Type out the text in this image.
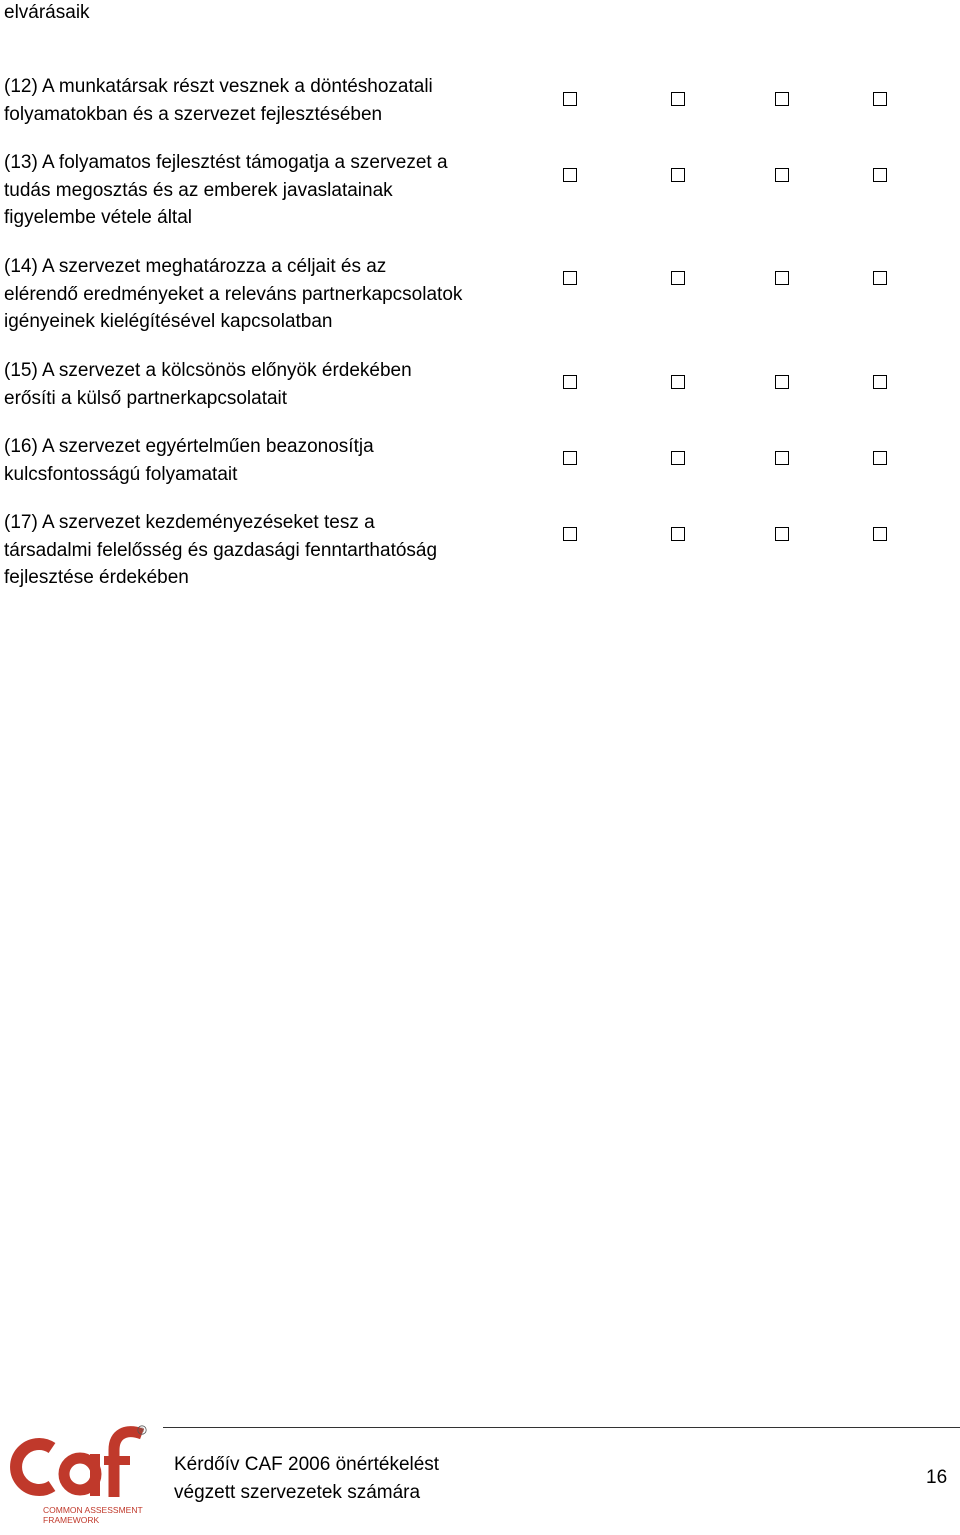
elvárásaik
(12) A munkatársak részt vesznek a döntéshozatali
folyamatokban és a szervezet fejlesztésében
(13) A folyamatos fejlesztést támogatja a szervezet a
tudás megosztás és az emberek javaslatainak
figyelembe vétele által
(14) A szervezet meghatározza a céljait és az
elérendő eredményeket a releváns partnerkapcsolatok
igényeinek kielégítésével kapcsolatban
(15) A szervezet a kölcsönös előnyök érdekében
erősíti a külső partnerkapcsolatait
(16) A szervezet egyértelműen beazonosítja
kulcsfontosságú folyamatait
(17) A szervezet kezdeményezéseket tesz a
társadalmi felelősség és gazdasági fenntarthatóság
fejlesztése érdekében
®
COMMON ASSESSMENT
FRAMEWORK
Kérdőív CAF 2006 önértékelést
végzett szervezetek számára
16
